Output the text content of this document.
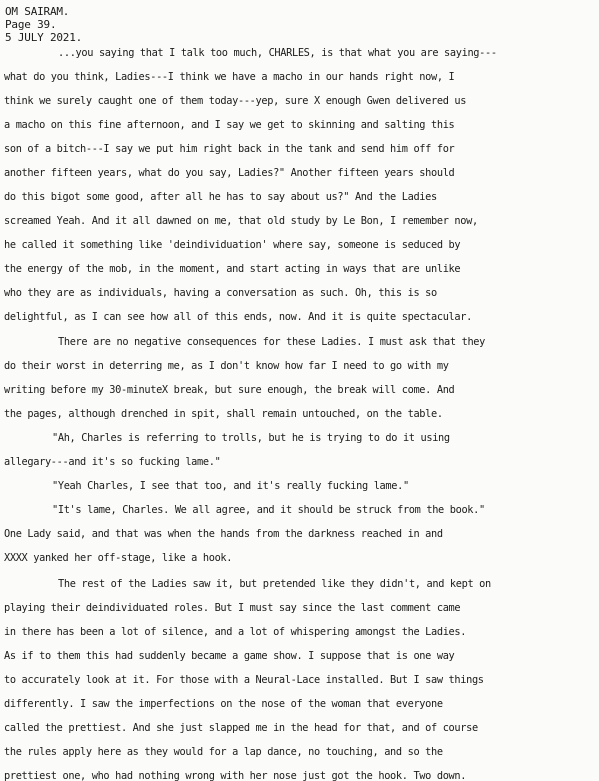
OM SAIRAM.
Page 39.
5 JULY 2021.
...you saying that I talk too much, CHARLES, is that what you are saying---
what do you think, Ladies---I think we have a macho in our hands right now, I
think we surely caught one of them today---yep, sure X enough Gwen delivered us
a macho on this fine afternoon, and I say we get to skinning and salting this
son of a bitch---I say we put him right back in the tank and send him off for
another fifteen years, what do you say, Ladies?" Another fifteen years should
do this bigot some good, after all he has to say about us?" And the Ladies
screamed Yeah. And it all dawned on me, that old study by Le Bon, I remember now,
he called it something like 'deindividuation' where say, someone is seduced by
the energy of the mob, in the moment, and start acting in ways that are unlike
who they are as individuals, having a conversation as such. Oh, this is so
delightful, as I can see how all of this ends, now. And it is quite spectacular.
There are no negative consequences for these Ladies. I must ask that they
do their worst in deterring me, as I don't know how far I need to go with my
writing before my 30-minuteX break, but sure enough, the break will come. And
the pages, although drenched in spit, shall remain untouched, on the table.
"Ah, Charles is referring to trolls, but he is trying to do it using
allegary---and it's so fucking lame."
"Yeah Charles, I see that too, and it's really fucking lame."
"It's lame, Charles. We all agree, and it should be struck from the book."
One Lady said, and that was when the hands from the darkness reached in and
XXXX yanked her off-stage, like a hook.
The rest of the Ladies saw it, but pretended like they didn't, and kept on
playing their deindividuated roles. But I must say since the last comment came
in there has been a lot of silence, and a lot of whispering amongst the Ladies.
As if to them this had suddenly became a game show. I suppose that is one way
to accurately look at it. For those with a Neural-Lace installed. But I saw things
differently. I saw the imperfections on the nose of the woman that everyone
called the prettiest. And she just slapped me in the head for that, and of course
the rules apply here as they would for a lap dance, no touching, and so the
prettiest one, who had nothing wrong with her nose just got the hook. Two down.
